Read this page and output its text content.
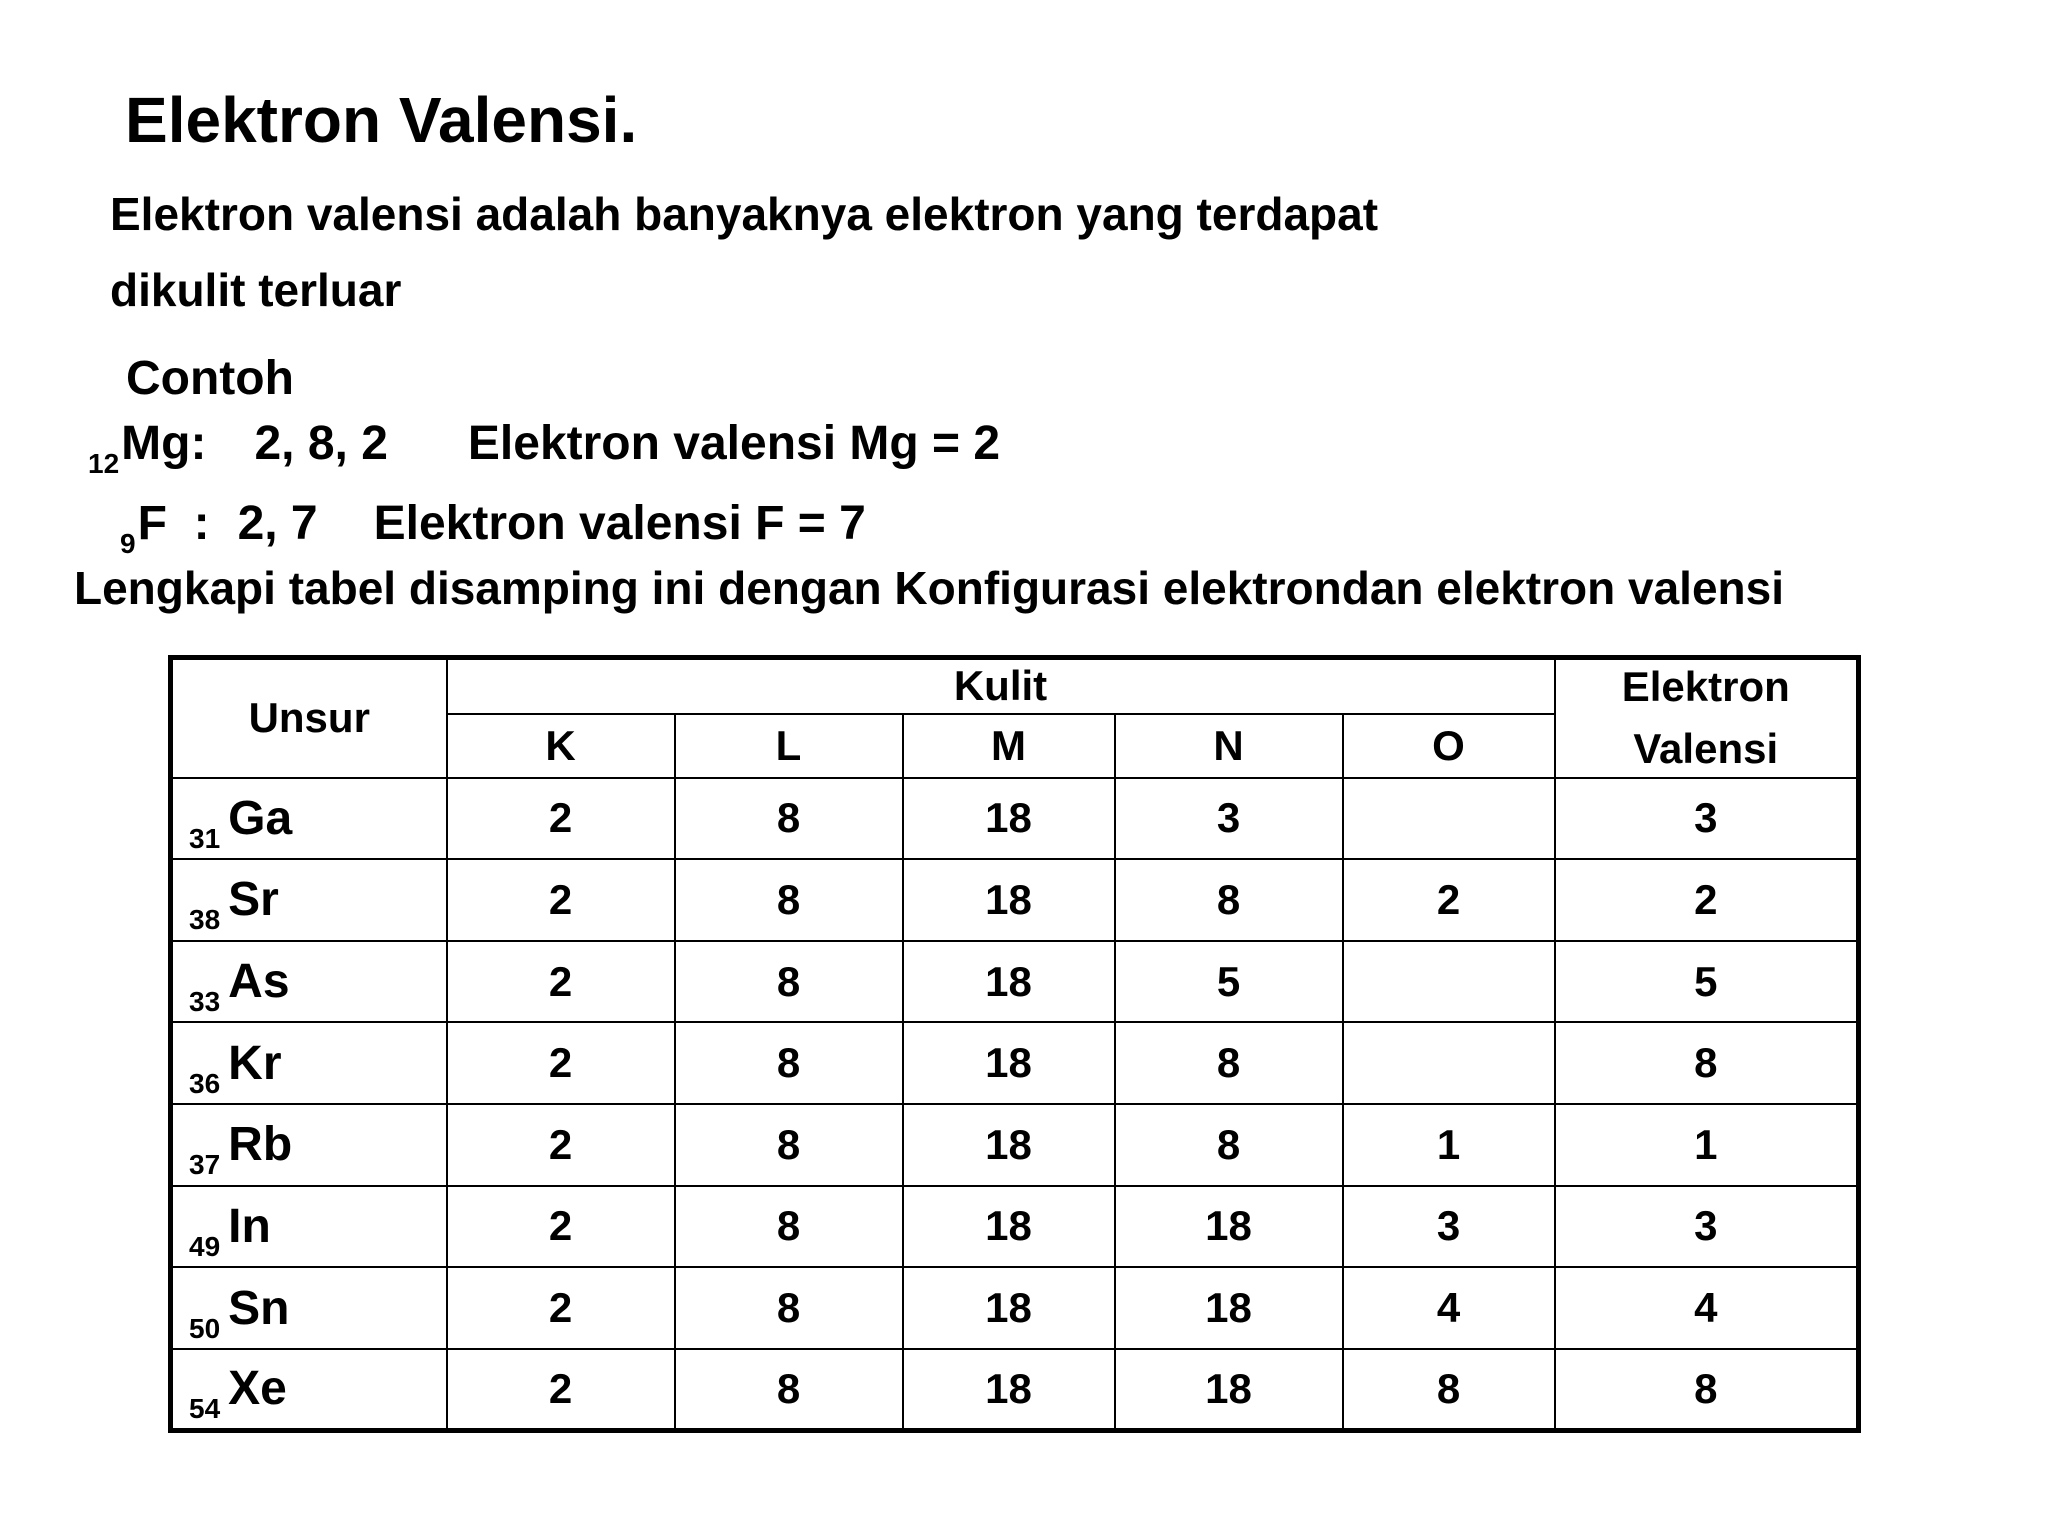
Elektron Valensi.
Elektron valensi adalah banyaknya elektron yang terdapat
dikulit terluar
Contoh
$_{12}$Mg: 2, 8, 2 Elektron valensi Mg = 2
$_9$F  : 2, 7 Elektron valensi F = 7
Lengkapi tabel disamping ini dengan Konfigurasi elektrondan elektron valensi
Unsur	Kulit					Elektron
Valensi

	K	L	M	N	O	
$_{31}$ Ga	2	8	18	3		3
$_{38}$ Sr	2	8	18	8	2	2
$_{33}$ As	2	8	18	5		5
$_{36}$ Kr	2	8	18	8		8
$_{37}$ Rb	2	8	18	8	1	1
$_{49}$ In	2	8	18	18	3	3
$_{50}$ Sn	2	8	18	18	4	4
$_{54}$ Xe	2	8	18	18	8	8
